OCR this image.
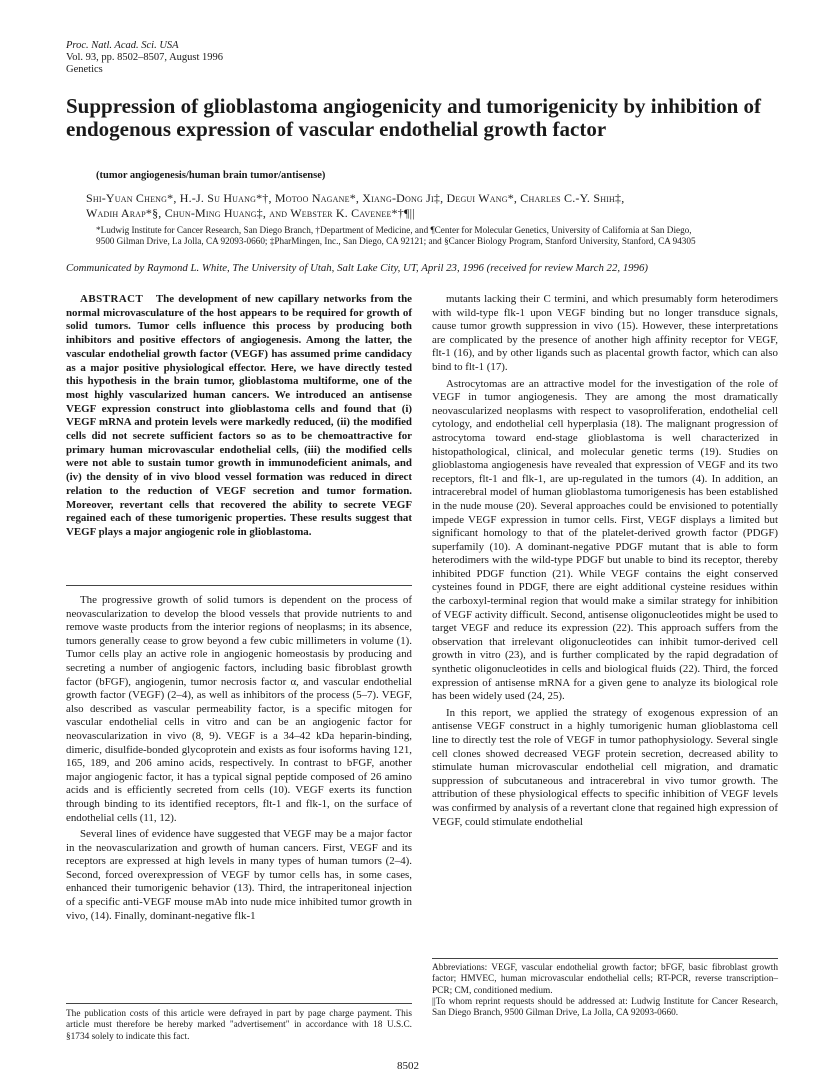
Proc. Natl. Acad. Sci. USA
Vol. 93, pp. 8502–8507, August 1996
Genetics
Suppression of glioblastoma angiogenicity and tumorigenicity by inhibition of endogenous expression of vascular endothelial growth factor
(tumor angiogenesis/human brain tumor/antisense)
Shi-Yuan Cheng*, H.-J. Su Huang*†, Motoo Nagane*, Xiang-Dong Ji‡, Degui Wang*, Charles C.-Y. Shih‡,
Wadih Arap*§, Chun-Ming Huang‡, and Webster K. Cavenee*†¶||
*Ludwig Institute for Cancer Research, San Diego Branch, †Department of Medicine, and ¶Center for Molecular Genetics, University of California at San Diego,
9500 Gilman Drive, La Jolla, CA 92093-0660; ‡PharMingen, Inc., San Diego, CA 92121; and §Cancer Biology Program, Stanford University, Stanford, CA 94305
Communicated by Raymond L. White, The University of Utah, Salt Lake City, UT, April 23, 1996 (received for review March 22, 1996)

ABSTRACT The development of new capillary networks from the normal microvasculature of the host appears to be required for growth of solid tumors. Tumor cells influence this process by producing both inhibitors and positive effectors of angiogenesis. Among the latter, the vascular endothelial growth factor (VEGF) has assumed prime candidacy as a major positive physiological effector. Here, we have directly tested this hypothesis in the brain tumor, glioblastoma multiforme, one of the most highly vascularized human cancers. We introduced an antisense VEGF expression construct into glioblastoma cells and found that (i) VEGF mRNA and protein levels were markedly reduced, (ii) the modified cells did not secrete sufficient factors so as to be chemoattractive for primary human microvascular endothelial cells, (iii) the modified cells were not able to sustain tumor growth in immunodeficient animals, and (iv) the density of in vivo blood vessel formation was reduced in direct relation to the reduction of VEGF secretion and tumor formation. Moreover, revertant cells that recovered the ability to secrete VEGF regained each of these tumorigenic properties. These results suggest that VEGF plays a major angiogenic role in glioblastoma.

The progressive growth of solid tumors is dependent on the process of neovascularization to develop the blood vessels that provide nutrients to and remove waste products from the interior regions of neoplasms; in its absence, tumors generally cease to grow beyond a few cubic millimeters in volume (1). Tumor cells play an active role in angiogenic homeostasis by producing and secreting a number of angiogenic factors, including basic fibroblast growth factor (bFGF), angiogenin, tumor necrosis factor α, and vascular endothelial growth factor (VEGF) (2–4), as well as inhibitors of the process (5–7). VEGF, also described as vascular permeability factor, is a specific mitogen for vascular endothelial cells in vitro and can be an angiogenic factor for neovascularization in vivo (8, 9). VEGF is a 34–42 kDa heparin-binding, dimeric, disulfide-bonded glycoprotein and exists as four isoforms having 121, 165, 189, and 206 amino acids, respectively. In contrast to bFGF, another major angiogenic factor, it has a typical signal peptide composed of 26 amino acids and is efficiently secreted from cells (10). VEGF exerts its function through binding to its identified receptors, flt-1 and flk-1, on the surface of endothelial cells (11, 12).

Several lines of evidence have suggested that VEGF may be a major factor in the neovascularization and growth of human cancers. First, VEGF and its receptors are expressed at high levels in many types of human tumors (2–4). Second, forced overexpression of VEGF by tumor cells has, in some cases, enhanced their tumorigenic behavior (13). Third, the intraperitoneal injection of a specific anti-VEGF mouse mAb into nude mice inhibited tumor growth in vivo, (14). Finally, dominant-negative flk-1

mutants lacking their C termini, and which presumably form heterodimers with wild-type flk-1 upon VEGF binding but no longer transduce signals, cause tumor growth suppression in vivo (15). However, these interpretations are complicated by the presence of another high affinity receptor for VEGF, flt-1 (16), and by other ligands such as placental growth factor, which can also bind to flt-1 (17).

Astrocytomas are an attractive model for the investigation of the role of VEGF in tumor angiogenesis. They are among the most dramatically neovascularized neoplasms with respect to vasoproliferation, endothelial cell cytology, and endothelial cell hyperplasia (18). The malignant progression of astrocytoma toward end-stage glioblastoma is well characterized in histopathological, clinical, and molecular genetic terms (19). Studies on glioblastoma angiogenesis have revealed that expression of VEGF and its two receptors, flt-1 and flk-1, are up-regulated in the tumors (4). In addition, an intracerebral model of human glioblastoma tumorigenesis has been established in the nude mouse (20). Several approaches could be envisioned to potentially impede VEGF expression in tumor cells. First, VEGF displays a limited but significant homology to that of the platelet-derived growth factor (PDGF) superfamily (10). A dominant-negative PDGF mutant that is able to form heterodimers with the wild-type PDGF but unable to bind its receptor, thereby inhibited PDGF function (21). While VEGF contains the eight conserved cysteines found in PDGF, there are eight additional cysteine residues within the carboxyl-terminal region that would make a similar strategy for inhibition of VEGF activity difficult. Second, antisense oligonucleotides might be used to target VEGF and reduce its expression (22). This approach suffers from the observation that irrelevant oligonucleotides can inhibit tumor-derived cell growth in vitro (23), and is further complicated by the rapid degradation of synthetic oligonucleotides in cells and biological fluids (22). Third, the forced expression of antisense mRNA for a given gene to analyze its biological role has been widely used (24, 25).

In this report, we applied the strategy of exogenous expression of an antisense VEGF construct in a highly tumorigenic human glioblastoma cell line to directly test the role of VEGF in tumor pathophysiology. Several single cell clones showed decreased VEGF protein secretion, decreased ability to stimulate human microvascular endothelial cell migration, and dramatic suppression of subcutaneous and intracerebral in vivo tumor growth. The attribution of these physiological effects to specific inhibition of VEGF levels was confirmed by analysis of a revertant clone that regained high expression of VEGF, could stimulate endothelial

The publication costs of this article were defrayed in part by page charge payment. This article must therefore be hereby marked "advertisement" in accordance with 18 U.S.C. §1734 solely to indicate this fact.

Abbreviations: VEGF, vascular endothelial growth factor; bFGF, basic fibroblast growth factor; HMVEC, human microvascular endothelial cells; RT-PCR, reverse transcription–PCR; CM, conditioned medium.

||To whom reprint requests should be addressed at: Ludwig Institute for Cancer Research, San Diego Branch, 9500 Gilman Drive, La Jolla, CA 92093-0660.

8502
